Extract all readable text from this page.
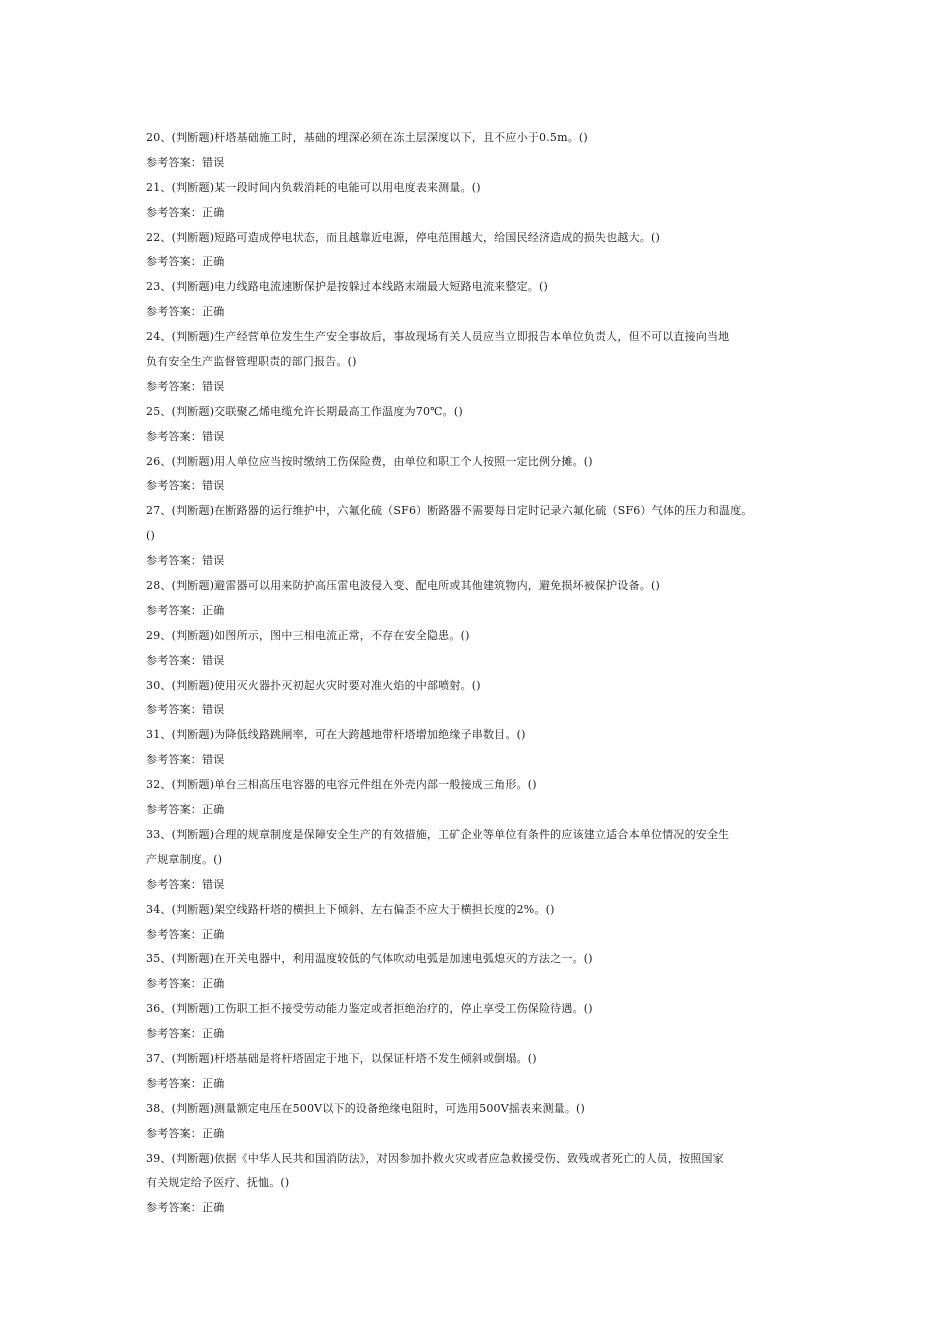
20、(判断题)杆塔基础施工时，基础的埋深必须在冻土层深度以下，且不应小于0.5m。()
参考答案：错误
21、(判断题)某一段时间内负载消耗的电能可以用电度表来测量。()
参考答案：正确
22、(判断题)短路可造成停电状态，而且越靠近电源，停电范围越大，给国民经济造成的损失也越大。()
参考答案：正确
23、(判断题)电力线路电流速断保护是按躲过本线路末端最大短路电流来整定。()
参考答案：正确
24、(判断题)生产经营单位发生生产安全事故后，事故现场有关人员应当立即报告本单位负责人，但不可以直接向当地
负有安全生产监督管理职责的部门报告。()
参考答案：错误
25、(判断题)交联聚乙烯电缆允许长期最高工作温度为70℃。()
参考答案：错误
26、(判断题)用人单位应当按时缴纳工伤保险费，由单位和职工个人按照一定比例分摊。()
参考答案：错误
27、(判断题)在断路器的运行维护中，六氟化硫（SF6）断路器不需要每日定时记录六氟化硫（SF6）气体的压力和温度。
()
参考答案：错误
28、(判断题)避雷器可以用来防护高压雷电波侵入变、配电所或其他建筑物内，避免损坏被保护设备。()
参考答案：正确
29、(判断题)如图所示，图中三相电流正常，不存在安全隐患。()
参考答案：错误
30、(判断题)使用灭火器扑灭初起火灾时要对准火焰的中部喷射。()
参考答案：错误
31、(判断题)为降低线路跳闸率，可在大跨越地带杆塔增加绝缘子串数目。()
参考答案：错误
32、(判断题)单台三相高压电容器的电容元件组在外壳内部一般接成三角形。()
参考答案：正确
33、(判断题)合理的规章制度是保障安全生产的有效措施，工矿企业等单位有条件的应该建立适合本单位情况的安全生
产规章制度。()
参考答案：错误
34、(判断题)架空线路杆塔的横担上下倾斜、左右偏歪不应大于横担长度的2%。()
参考答案：正确
35、(判断题)在开关电器中，利用温度较低的气体吹动电弧是加速电弧熄灭的方法之一。()
参考答案：正确
36、(判断题)工伤职工拒不接受劳动能力鉴定或者拒绝治疗的，停止享受工伤保险待遇。()
参考答案：正确
37、(判断题)杆塔基础是将杆塔固定于地下，以保证杆塔不发生倾斜或倒塌。()
参考答案：正确
38、(判断题)测量额定电压在500V以下的设备绝缘电阻时，可选用500V摇表来测量。()
参考答案：正确
39、(判断题)依据《中华人民共和国消防法》，对因参加扑救火灾或者应急救援受伤、致残或者死亡的人员，按照国家
有关规定给予医疗、抚恤。()
参考答案：正确
